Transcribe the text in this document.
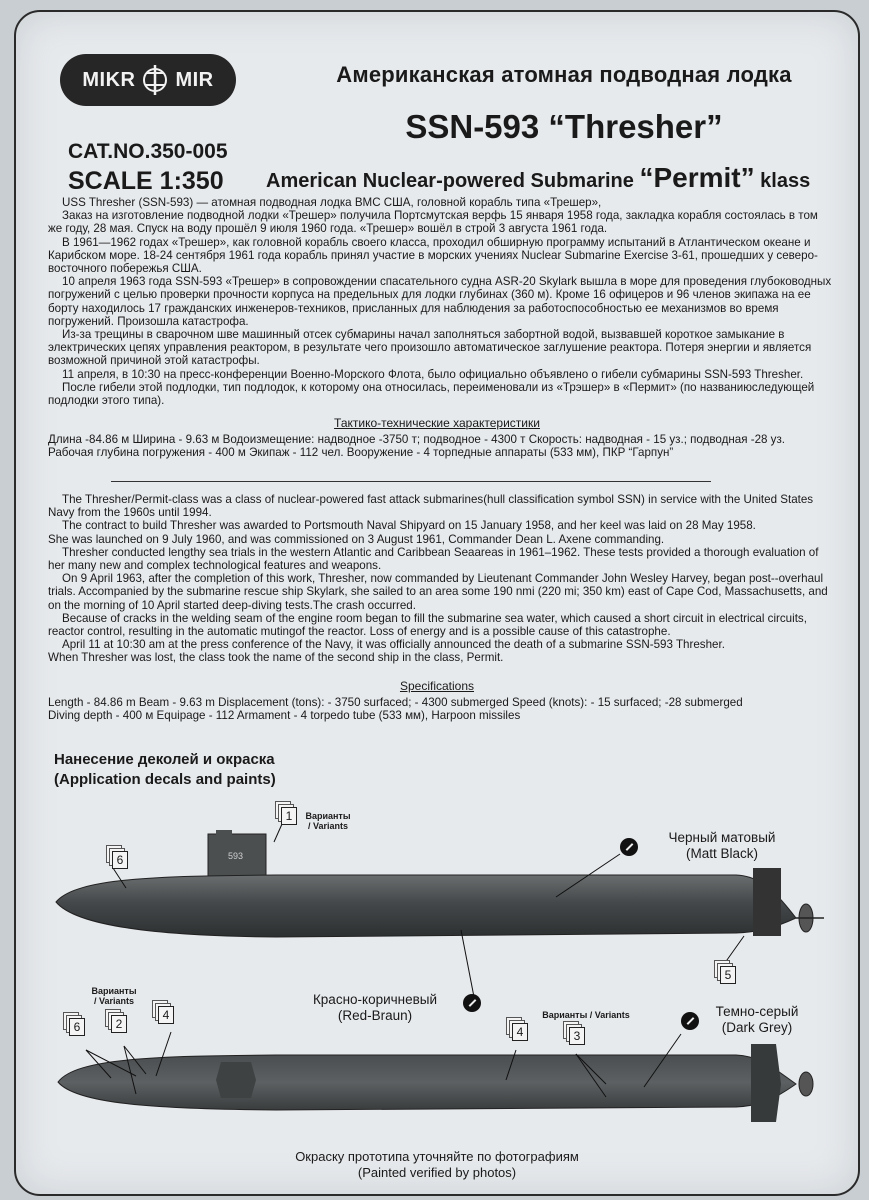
MIKR MIR
CAT.NO.350-005
SCALE 1:350
Американская атомная подводная лодка
SSN-593 “Thresher”
American Nuclear-powered Submarine “Permit” klass

USS Thresher (SSN-593) — атомная подводная лодка ВМС США, головной корабль типа «Трешер»,

Заказ на изготовление подводной лодки «Трешер» получила Портсмутская верфь 15 января 1958 года, закладка корабля состоялась в том же году, 28 мая. Спуск на воду прошёл 9 июля 1960 года. «Трешер» вошёл в строй 3 августа 1961 года.

В 1961—1962 годах «Трешер», как головной корабль своего класса, проходил обширную программу испытаний в Атлантическом океане и Карибском море. 18-24 сентября 1961 года корабль принял участие в морских учениях Nuclear Submarine Exercise 3-61, прошедших у северо-восточного побережья США.

10 апреля 1963 года SSN-593 «Трешер» в сопровождении спасательного судна ASR-20 Skylark вышла в море для проведения глубоководных погружений с целью проверки прочности корпуса на предельных для лодки глубинах (360 м). Кроме 16 офицеров и 96 членов экипажа на ее борту находилось 17 гражданских инженеров-техников, присланных для наблюдения за работоспособностью ее механизмов во время погружений. Произошла катастрофа.

Из-за трещины в сварочном шве машинный отсек субмарины начал заполняться забортной водой, вызвавшей короткое замыкание в электрических цепях управления реактором, в результате чего произошло автоматическое заглушение реактора. Потеря энергии и является возможной причиной этой катастрофы.

11 апреля, в 10:30 на пресс-конференции Военно-Морского Флота, было официально объявлено о гибели субмарины SSN-593 Thresher.

После гибели этой подлодки, тип подлодок, к которому она относилась, переименовали из «Трэшер» в «Пермит» (по названиюследующей подлодки этого типа).

Тактико-технические характеристики

Длина -84.86 м Ширина - 9.63 м Водоизмещение: надводное -3750 т; подводное - 4300 т Скорость: надводная - 15 уз.; подводная -28 уз.

Рабочая глубина погружения - 400 м Экипаж - 112 чел. Вооружение - 4 торпедные аппараты (533 мм), ПКР “Гарпун”

The Thresher/Permit-class was a class of nuclear-powered fast attack submarines(hull classification symbol SSN) in service with the United States Navy from the 1960s until 1994.

The contract to build Thresher was awarded to Portsmouth Naval Shipyard on 15 January 1958, and her keel was laid on 28 May 1958.

She was launched on 9 July 1960, and was commissioned on 3 August 1961, Commander Dean L. Axene commanding.

Thresher conducted lengthy sea trials in the western Atlantic and Caribbean Seaareas in 1961–1962. These tests provided a thorough evaluation of her many new and complex technological features and weapons.

On 9 April 1963, after the completion of this work, Thresher, now commanded by Lieutenant Commander John Wesley Harvey, began post--overhaul trials. Accompanied by the submarine rescue ship Skylark, she sailed to an area some 190 nmi (220 mi; 350 km) east of Cape Cod, Massachusetts, and on the morning of 10 April started deep-diving tests.The crash occurred.

Because of cracks in the welding seam of the engine room began to fill the submarine sea water, which caused a short circuit in electrical circuits, reactor control, resulting in the automatic mutingof the reactor. Loss of energy and is a possible cause of this catastrophe.

April 11 at 10:30 am at the press conference of the Navy, it was officially announced the death of a submarine SSN-593 Thresher.

When Thresher was lost, the class took the name of the second ship in the class, Permit.

Specifications

Length - 84.86 m Beam - 9.63 m Displacement (tons): - 3750 surfaced; - 4300 submerged Speed (knots): - 15 surfaced; -28 submerged

Diving depth - 400 м Equipage - 112 Armament - 4 torpedo tube (533 мм), Harpoon missiles

Нанесение деколей и окраска
(Application decals and paints)
593
1	Варианты
/ Variants
6
Черный матовый
(Matt Black)
5
Красно-коричневый
(Red-Braun)	Темно-серый
(Dark Grey)
Варианты
/ Variants
6	2
4
4
Варианты / Variants
3
Окраску прототипа уточняйте по фотографиям
(Painted verified by photos)
